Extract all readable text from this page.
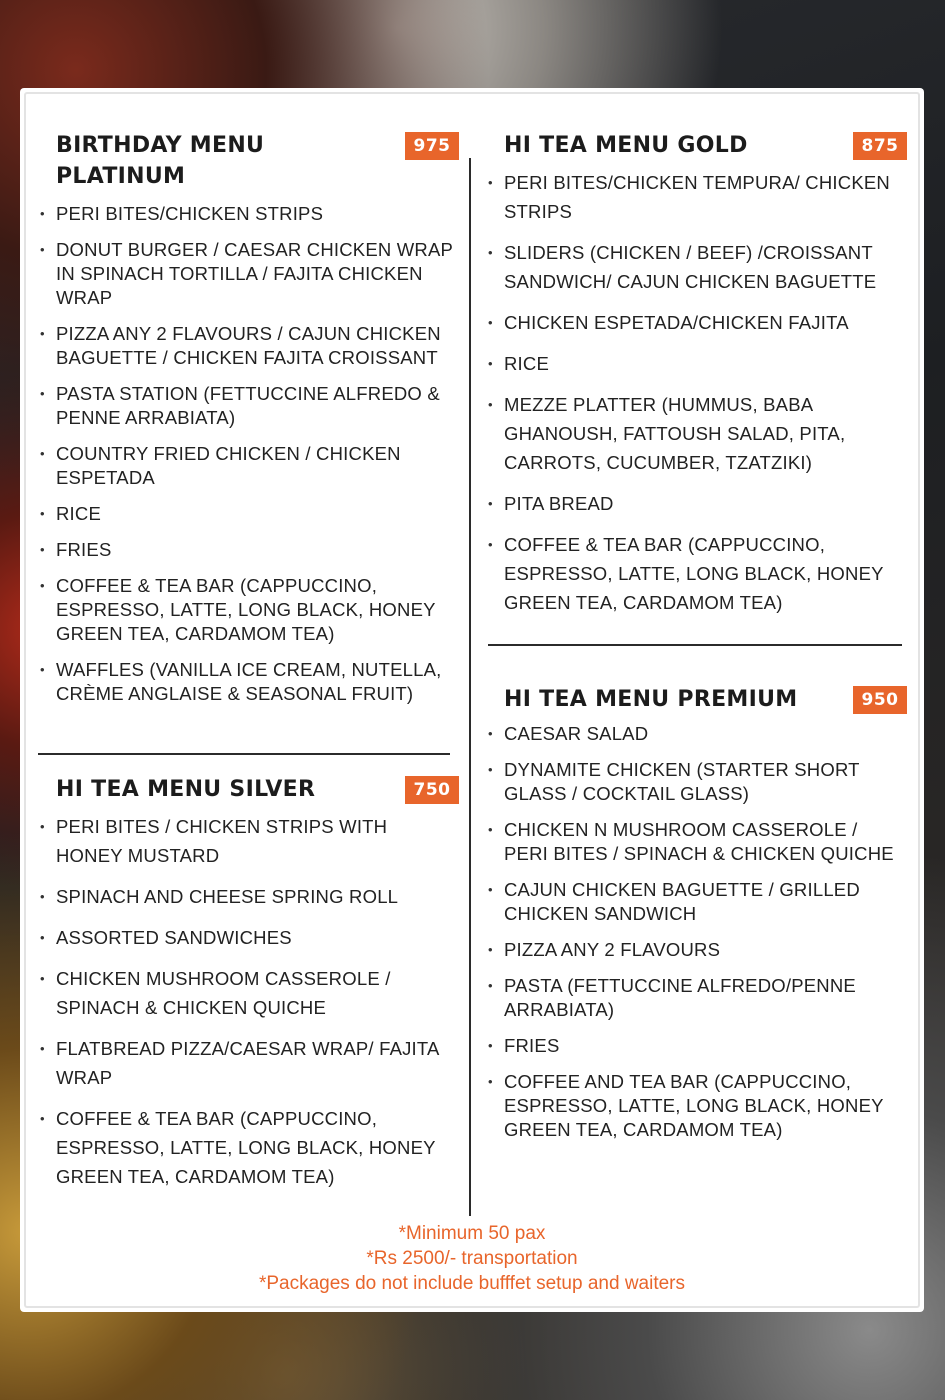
BIRTHDAY MENU PLATINUM
975
• PERI BITES/CHICKEN STRIPS
• DONUT BURGER / CAESAR CHICKEN WRAP IN SPINACH TORTILLA / FAJITA CHICKEN WRAP
• PIZZA ANY 2 FLAVOURS / CAJUN CHICKEN BAGUETTE / CHICKEN FAJITA CROISSANT
• PASTA STATION (FETTUCCINE ALFREDO & PENNE ARRABIATA)
• COUNTRY FRIED CHICKEN / CHICKEN ESPETADA
• RICE
• FRIES
• COFFEE & TEA BAR (CAPPUCCINO, ESPRESSO, LATTE, LONG BLACK, HONEY GREEN TEA, CARDAMOM TEA)
• WAFFLES (VANILLA ICE CREAM, NUTELLA, CRÈME ANGLAISE & SEASONAL FRUIT)
HI TEA MENU SILVER	750
• PERI BITES / CHICKEN STRIPS WITH HONEY MUSTARD
• SPINACH AND CHEESE SPRING ROLL
• ASSORTED SANDWICHES
• CHICKEN MUSHROOM CASSEROLE / SPINACH & CHICKEN QUICHE
• FLATBREAD PIZZA/CAESAR WRAP/ FAJITA WRAP
• COFFEE & TEA BAR (CAPPUCCINO, ESPRESSO, LATTE, LONG BLACK, HONEY GREEN TEA, CARDAMOM TEA)
HI TEA MENU GOLD	875
• PERI BITES/CHICKEN TEMPURA/ CHICKEN STRIPS
• SLIDERS (CHICKEN / BEEF) /CROISSANT SANDWICH/ CAJUN CHICKEN BAGUETTE
• CHICKEN ESPETADA/CHICKEN FAJITA
• RICE
• MEZZE PLATTER (HUMMUS, BABA GHANOUSH, FATTOUSH SALAD, PITA, CARROTS, CUCUMBER, TZATZIKI)
• PITA BREAD
• COFFEE & TEA BAR (CAPPUCCINO, ESPRESSO, LATTE, LONG BLACK, HONEY GREEN TEA, CARDAMOM TEA)
HI TEA MENU PREMIUM	950
• CAESAR SALAD
• DYNAMITE CHICKEN (STARTER SHORT GLASS / COCKTAIL GLASS)
• CHICKEN N MUSHROOM CASSEROLE / PERI BITES / SPINACH & CHICKEN QUICHE
• CAJUN CHICKEN BAGUETTE / GRILLED CHICKEN SANDWICH
• PIZZA ANY 2 FLAVOURS
• PASTA (FETTUCCINE ALFREDO/PENNE ARRABIATA)
• FRIES
• COFFEE AND TEA BAR (CAPPUCCINO, ESPRESSO, LATTE, LONG BLACK, HONEY GREEN TEA, CARDAMOM TEA)
*Minimum 50 pax
*Rs 2500/- transportation
*Packages do not include bufffet setup and waiters
